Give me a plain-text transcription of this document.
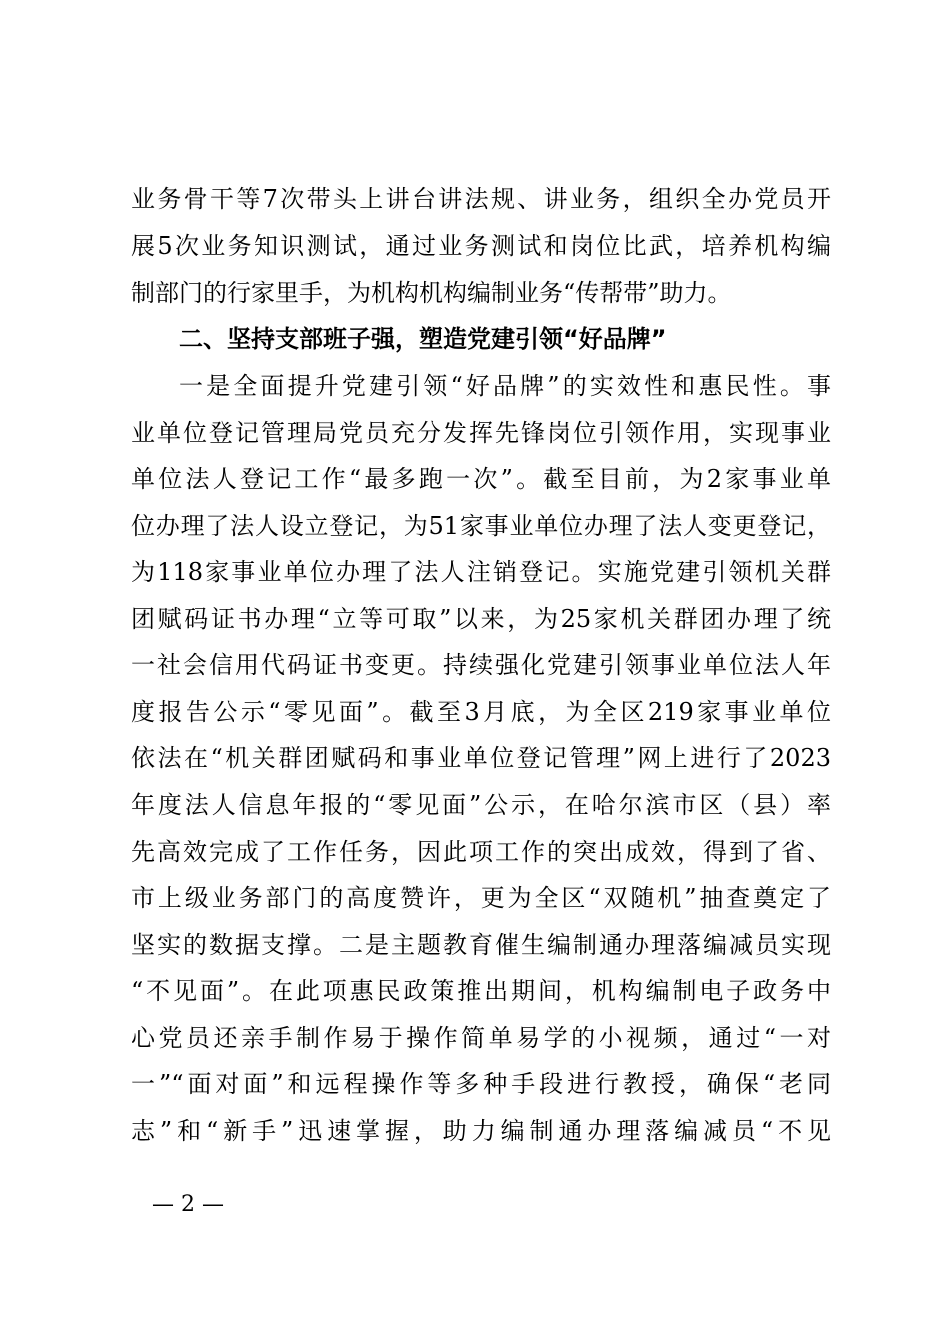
业务骨干等7次带头上讲台讲法规、讲业务，组织全办党员开
展5次业务知识测试，通过业务测试和岗位比武，培养机构编
制部门的行家里手，为机构机构编制业务“传帮带”助力。
二、坚持支部班子强，塑造党建引领“好品牌”
一是全面提升党建引领“好品牌”的实效性和惠民性。事
业单位登记管理局党员充分发挥先锋岗位引领作用，实现事业
单位法人登记工作“最多跑一次”。截至目前，为2家事业单
位办理了法人设立登记，为51家事业单位办理了法人变更登记，
为118家事业单位办理了法人注销登记。实施党建引领机关群
团赋码证书办理“立等可取”以来，为25家机关群团办理了统
一社会信用代码证书变更。持续强化党建引领事业单位法人年
度报告公示“零见面”。截至3月底，为全区219家事业单位
依法在“机关群团赋码和事业单位登记管理”网上进行了2023
年度法人信息年报的“零见面”公示，在哈尔滨市区（县）率
先高效完成了工作任务，因此项工作的突出成效，得到了省、
市上级业务部门的高度赞许，更为全区“双随机”抽查奠定了
坚实的数据支撑。二是主题教育催生编制通办理落编减员实现
“不见面”。在此项惠民政策推出期间，机构编制电子政务中
心党员还亲手制作易于操作简单易学的小视频，通过“一对
一”“面对面”和远程操作等多种手段进行教授，确保“老同
志”和“新手”迅速掌握，助力编制通办理落编减员“不见
— 2 —
